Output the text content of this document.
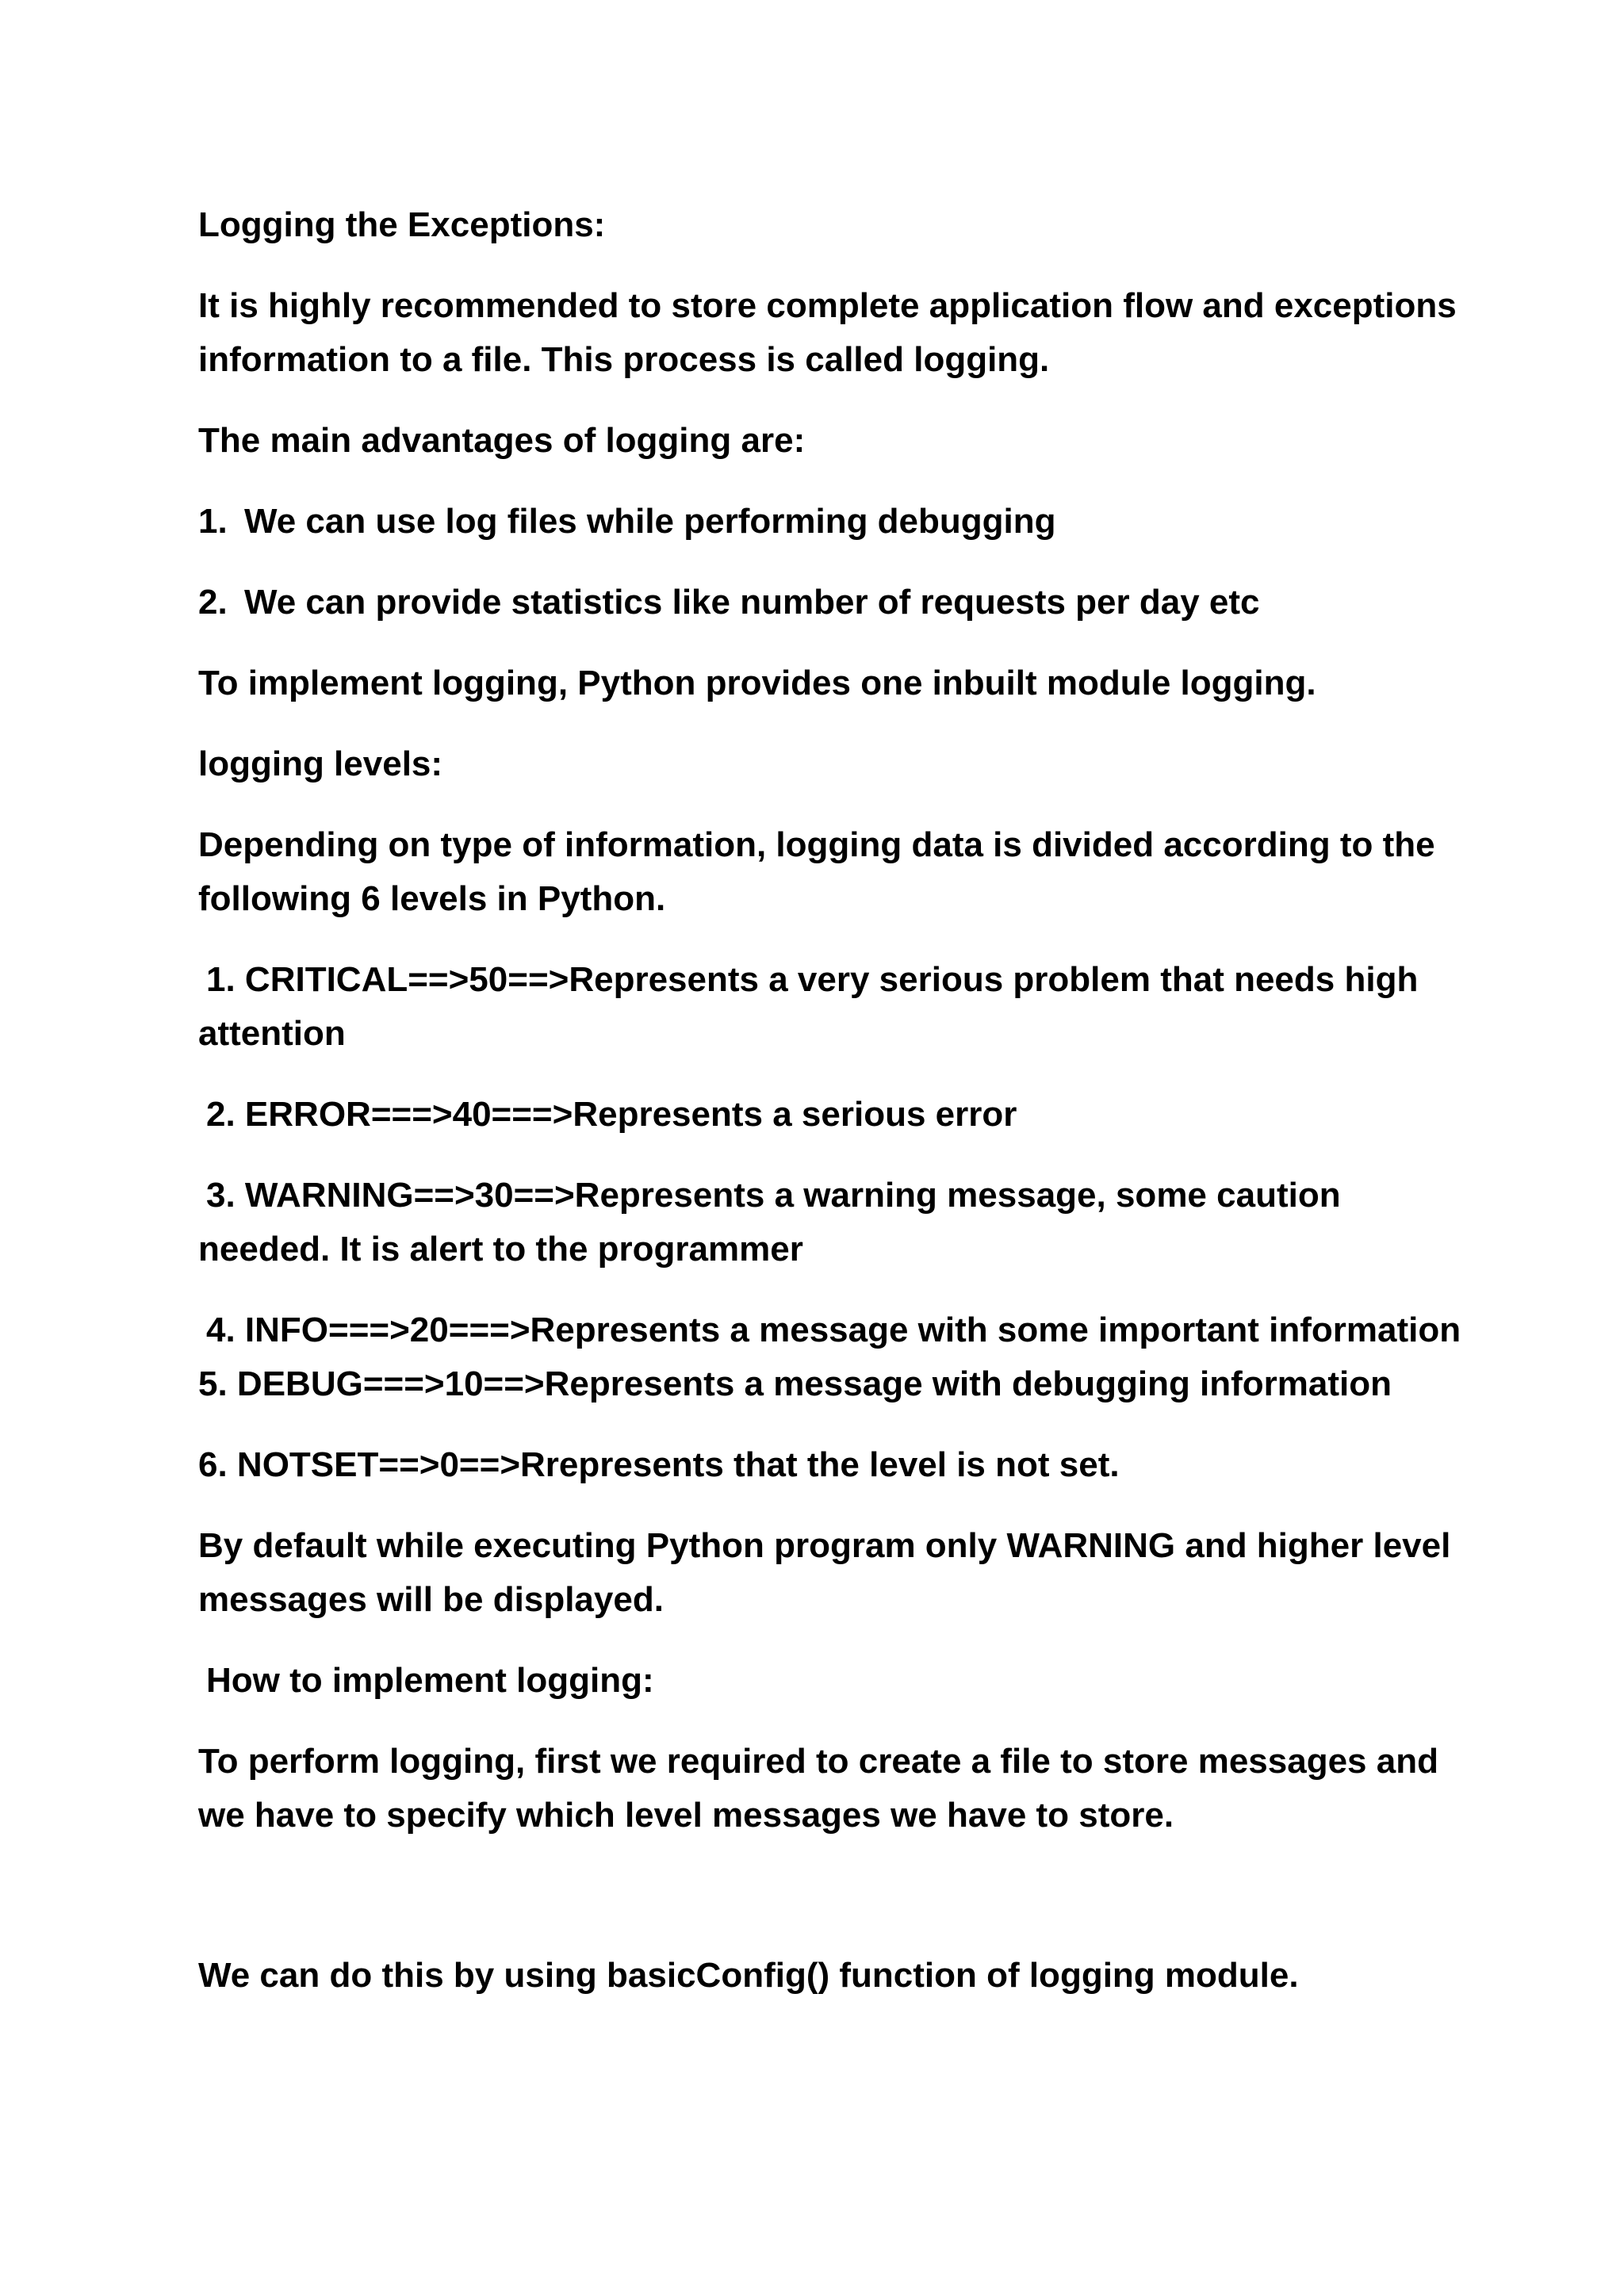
Logging the Exceptions:

It is highly recommended to store complete application flow and exceptions information to a file. This process is called logging.

The main advantages of logging are:

1. We can use log files while performing debugging

2. We can provide statistics like number of requests per day etc

To implement logging, Python provides one inbuilt module logging.

logging levels:

Depending on type of information, logging data is divided according to the following 6 levels in Python.

1. CRITICAL==>50==>Represents a very serious problem that needs high attention

2. ERROR===>40===>Represents a serious error

3. WARNING==>30==>Represents a warning message, some caution needed. It is alert to the programmer

4. INFO===>20===>Represents a message with some important information

5. DEBUG===>10==>Represents a message with debugging information

6. NOTSET==>0==>Rrepresents that the level is not set.

By default while executing Python program only WARNING and higher level messages will be displayed.

How to implement logging:

To perform logging, first we required to create a file to store messages and we have to specify which level messages we have to store.

We can do this by using basicConfig() function of logging module.
